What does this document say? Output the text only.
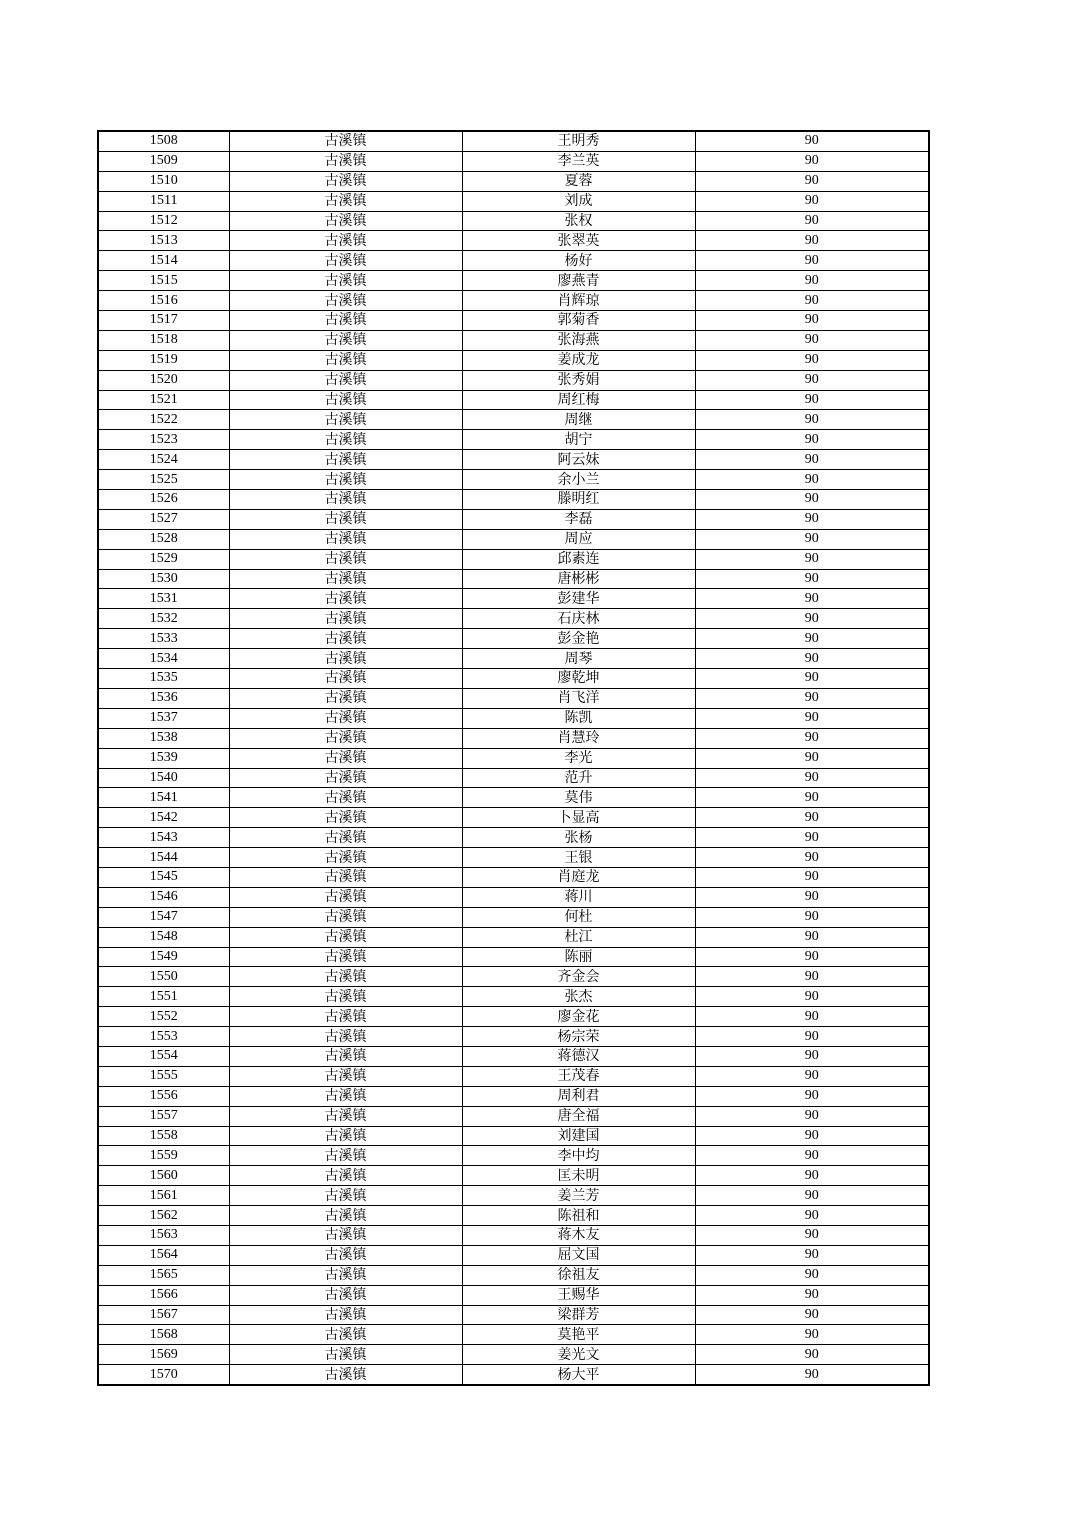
1508	古溪镇	王明秀	90
1509	古溪镇	李兰英	90
1510	古溪镇	夏蓉	90
1511	古溪镇	刘成	90
1512	古溪镇	张权	90
1513	古溪镇	张翠英	90
1514	古溪镇	杨好	90
1515	古溪镇	廖燕青	90
1516	古溪镇	肖辉琼	90
1517	古溪镇	郭菊香	90
1518	古溪镇	张海燕	90
1519	古溪镇	姜成龙	90
1520	古溪镇	张秀娟	90
1521	古溪镇	周红梅	90
1522	古溪镇	周继	90
1523	古溪镇	胡宁	90
1524	古溪镇	阿云妹	90
1525	古溪镇	余小兰	90
1526	古溪镇	滕明红	90
1527	古溪镇	李磊	90
1528	古溪镇	周应	90
1529	古溪镇	邱素连	90
1530	古溪镇	唐彬彬	90
1531	古溪镇	彭建华	90
1532	古溪镇	石庆林	90
1533	古溪镇	彭金艳	90
1534	古溪镇	周琴	90
1535	古溪镇	廖乾坤	90
1536	古溪镇	肖飞洋	90
1537	古溪镇	陈凯	90
1538	古溪镇	肖慧玲	90
1539	古溪镇	李光	90
1540	古溪镇	范升	90
1541	古溪镇	莫伟	90
1542	古溪镇	卜显高	90
1543	古溪镇	张杨	90
1544	古溪镇	王银	90
1545	古溪镇	肖庭龙	90
1546	古溪镇	蒋川	90
1547	古溪镇	何杜	90
1548	古溪镇	杜江	90
1549	古溪镇	陈丽	90
1550	古溪镇	齐金会	90
1551	古溪镇	张杰	90
1552	古溪镇	廖金花	90
1553	古溪镇	杨宗荣	90
1554	古溪镇	蒋德汉	90
1555	古溪镇	王茂春	90
1556	古溪镇	周利君	90
1557	古溪镇	唐全福	90
1558	古溪镇	刘建国	90
1559	古溪镇	李中均	90
1560	古溪镇	匡未明	90
1561	古溪镇	姜兰芳	90
1562	古溪镇	陈祖和	90
1563	古溪镇	蒋木友	90
1564	古溪镇	屈文国	90
1565	古溪镇	徐祖友	90
1566	古溪镇	王赐华	90
1567	古溪镇	梁群芳	90
1568	古溪镇	莫艳平	90
1569	古溪镇	姜光文	90
1570	古溪镇	杨大平	90
